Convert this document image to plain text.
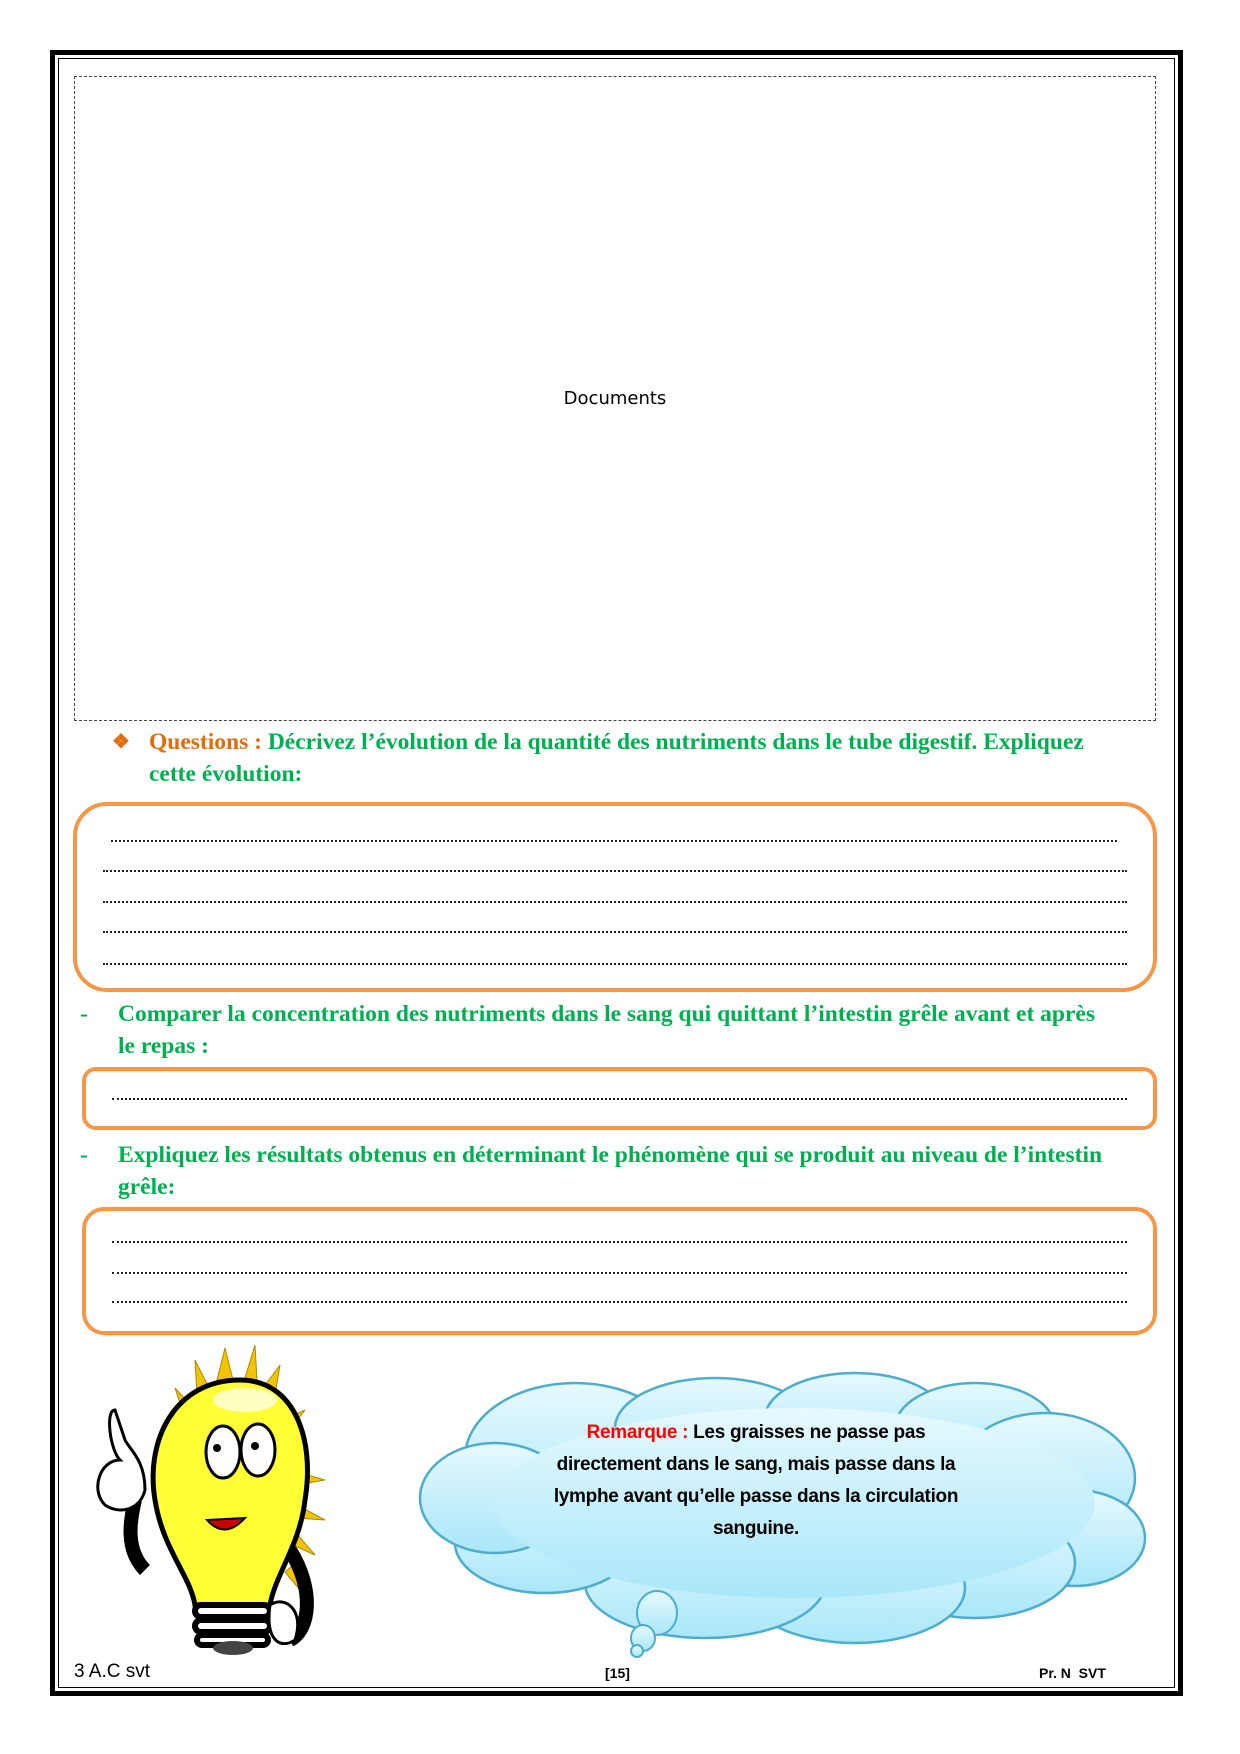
Documents
❖ Questions : Décrivez l’évolution de la quantité des nutriments dans le tube digestif. Expliquez
cette évolution:
-	Comparer la concentration des nutriments dans le sang qui quittant l’intestin grêle avant et après
le repas :
-	Expliquez les résultats obtenus en déterminant le phénomène qui se produit au niveau de l’intestin
grêle:
Remarque : Les graisses ne passe pas
directement dans le sang, mais passe dans la
lymphe avant qu’elle passe dans la circulation
sanguine.
3 A.C svt	[15]	Pr. N  SVT
